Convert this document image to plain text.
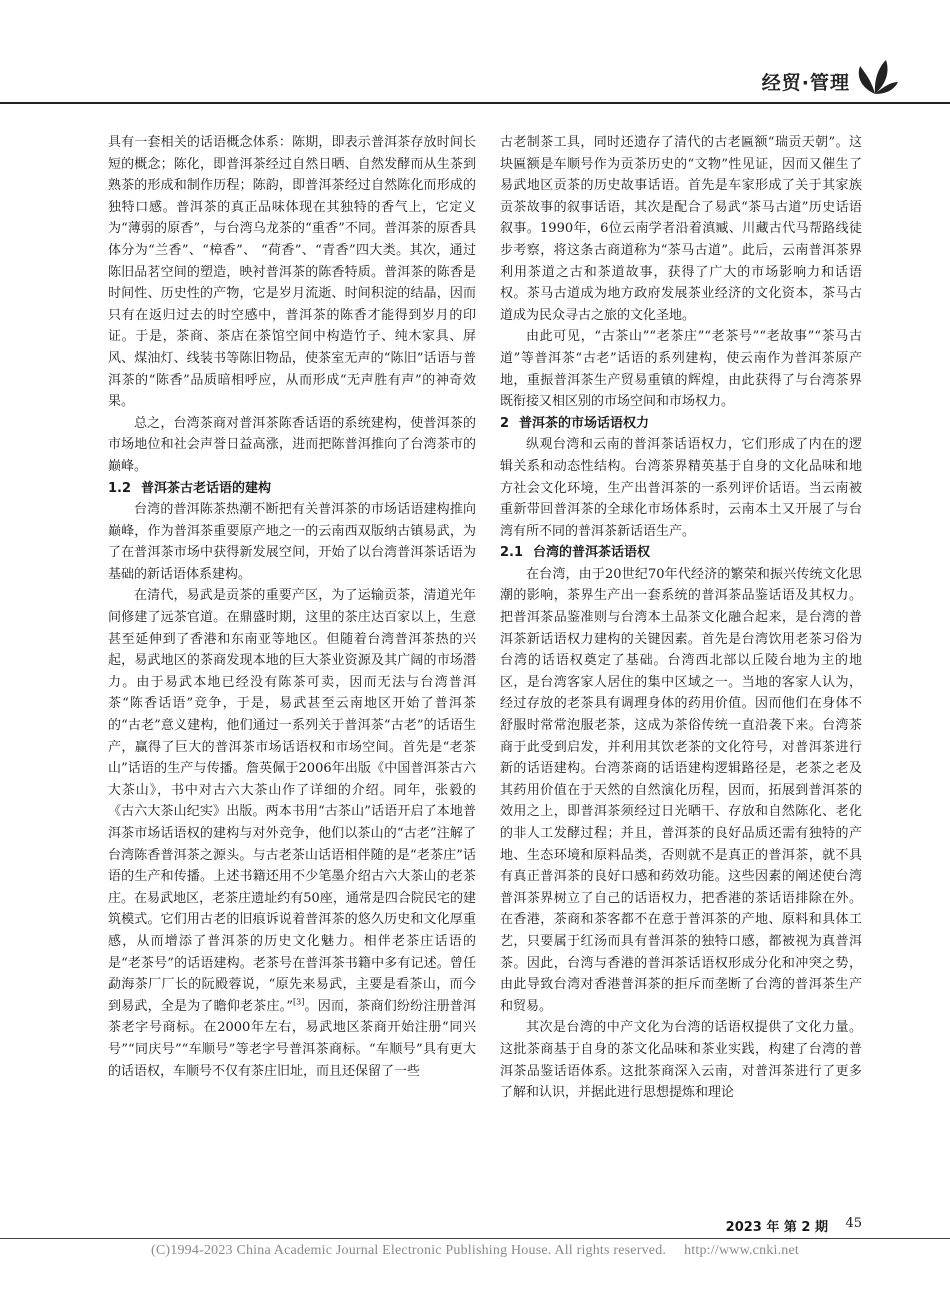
经贸·管理

具有一套相关的话语概念体系：陈期，即表示普洱茶存放时间长短的概念；陈化，即普洱茶经过自然日晒、自然发酵而从生茶到熟茶的形成和制作历程；陈韵，即普洱茶经过自然陈化而形成的独特口感。普洱茶的真正品味体现在其独特的香气上，它定义为“薄弱的原香”，与台湾乌龙茶的“重香”不同。普洱茶的原香具体分为“兰香”、“樟香”、 “荷香”、“青香”四大类。其次，通过陈旧品茗空间的塑造，映衬普洱茶的陈香特质。普洱茶的陈香是时间性、历史性的产物，它是岁月流逝、时间积淀的结晶，因而只有在返归过去的时空感中，普洱茶的陈香才能得到岁月的印证。于是，茶商、茶店在茶馆空间中构造竹子、纯木家具、屏风、煤油灯、线装书等陈旧物品，使茶室无声的“陈旧”话语与普洱茶的“陈香”品质暗相呼应，从而形成“无声胜有声”的神奇效果。

总之，台湾茶商对普洱茶陈香话语的系统建构，使普洱茶的市场地位和社会声誉日益高涨，进而把陈普洱推向了台湾茶市的巅峰。

1.2 普洱茶古老话语的建构

台湾的普洱陈茶热潮不断把有关普洱茶的市场话语建构推向巅峰，作为普洱茶重要原产地之一的云南西双版纳古镇易武，为了在普洱茶市场中获得新发展空间，开始了以台湾普洱茶话语为基础的新话语体系建构。

在清代，易武是贡茶的重要产区，为了运输贡茶，清道光年间修建了远茶官道。在鼎盛时期，这里的茶庄达百家以上，生意甚至延伸到了香港和东南亚等地区。但随着台湾普洱茶热的兴起，易武地区的茶商发现本地的巨大茶业资源及其广阔的市场潜力。由于易武本地已经没有陈茶可卖，因而无法与台湾普洱茶“陈香话语”竞争，于是，易武甚至云南地区开始了普洱茶的“古老”意义建构，他们通过一系列关于普洱茶“古老”的话语生产，赢得了巨大的普洱茶市场话语权和市场空间。首先是“老茶山”话语的生产与传播。詹英佩于2006年出版《中国普洱茶古六大茶山》，书中对古六大茶山作了详细的介绍。同年，张毅的《古六大茶山纪实》出版。两本书用“古茶山”话语开启了本地普洱茶市场话语权的建构与对外竞争，他们以茶山的“古老”注解了台湾陈香普洱茶之源头。与古老茶山话语相伴随的是“老茶庄”话语的生产和传播。上述书籍还用不少笔墨介绍古六大茶山的老茶庄。在易武地区，老茶庄遗址约有50座，通常是四合院民宅的建筑模式。它们用古老的旧痕诉说着普洱茶的悠久历史和文化厚重感，从而增添了普洱茶的历史文化魅力。相伴老茶庄话语的是“老茶号”的话语建构。老茶号在普洱茶书籍中多有记述。曾任勐海茶厂厂长的阮殿蓉说，“原先来易武，主要是看茶山，而今到易武，全是为了瞻仰老茶庄。”[3]。因而，茶商们纷纷注册普洱茶老字号商标。在2000年左右，易武地区茶商开始注册“同兴号”“同庆号”“车顺号”等老字号普洱茶商标。“车顺号”具有更大的话语权，车顺号不仅有茶庄旧址，而且还保留了一些

古老制茶工具，同时还遗存了清代的古老匾额“瑞贡天朝”。这块匾额是车顺号作为贡茶历史的“文物”性见证，因而又催生了易武地区贡茶的历史故事话语。首先是车家形成了关于其家族贡茶故事的叙事话语，其次是配合了易武“茶马古道”历史话语叙事。1990年，6位云南学者沿着滇臧、川藏古代马帮路线徒步考察，将这条古商道称为“茶马古道”。此后，云南普洱茶界利用茶道之古和茶道故事，获得了广大的市场影响力和话语权。茶马古道成为地方政府发展茶业经济的文化资本，茶马古道成为民众寻古之旅的文化圣地。

由此可见，“古茶山”“老茶庄”“老茶号”“老故事”“茶马古道”等普洱茶“古老”话语的系列建构，使云南作为普洱茶原产地，重振普洱茶生产贸易重镇的辉煌，由此获得了与台湾茶界既衔接又相区别的市场空间和市场权力。

2 普洱茶的市场话语权力

纵观台湾和云南的普洱茶话语权力，它们形成了内在的逻辑关系和动态性结构。台湾茶界精英基于自身的文化品味和地方社会文化环境，生产出普洱茶的一系列评价话语。当云南被重新带回普洱茶的全球化市场体系时，云南本土又开展了与台湾有所不同的普洱茶新话语生产。

2.1 台湾的普洱茶话语权

在台湾，由于20世纪70年代经济的繁荣和振兴传统文化思潮的影响，茶界生产出一套系统的普洱茶品鉴话语及其权力。把普洱茶品鉴准则与台湾本土品茶文化融合起来，是台湾的普洱茶新话语权力建构的关键因素。首先是台湾饮用老茶习俗为台湾的话语权奠定了基础。台湾西北部以丘陵台地为主的地区，是台湾客家人居住的集中区域之一。当地的客家人认为，经过存放的老茶具有调理身体的药用价值。因而他们在身体不舒服时常常泡服老茶，这成为茶俗传统一直沿袭下来。台湾茶商于此受到启发，并利用其饮老茶的文化符号，对普洱茶进行新的话语建构。台湾茶商的话语建构逻辑路径是，老茶之老及其药用价值在于天然的自然演化历程，因而，拓展到普洱茶的效用之上，即普洱茶须经过日光晒干、存放和自然陈化、老化的非人工发酵过程；并且，普洱茶的良好品质还需有独特的产地、生态环境和原料品类，否则就不是真正的普洱茶，就不具有真正普洱茶的良好口感和药效功能。这些因素的阐述使台湾普洱茶界树立了自己的话语权力，把香港的茶话语排除在外。在香港，茶商和茶客都不在意于普洱茶的产地、原料和具体工艺，只要属于红汤而具有普洱茶的独特口感，都被视为真普洱茶。因此，台湾与香港的普洱茶话语权形成分化和冲突之势，由此导致台湾对香港普洱茶的拒斥而垄断了台湾的普洱茶生产和贸易。

其次是台湾的中产文化为台湾的话语权提供了文化力量。这批茶商基于自身的茶文化品味和茶业实践，构建了台湾的普洱茶品鉴话语体系。这批茶商深入云南，对普洱茶进行了更多了解和认识，并据此进行思想提炼和理论

2023 年 第 2 期 45
(C)1994-2023 China Academic Journal Electronic Publishing House. All rights reserved. http://www.cnki.net
